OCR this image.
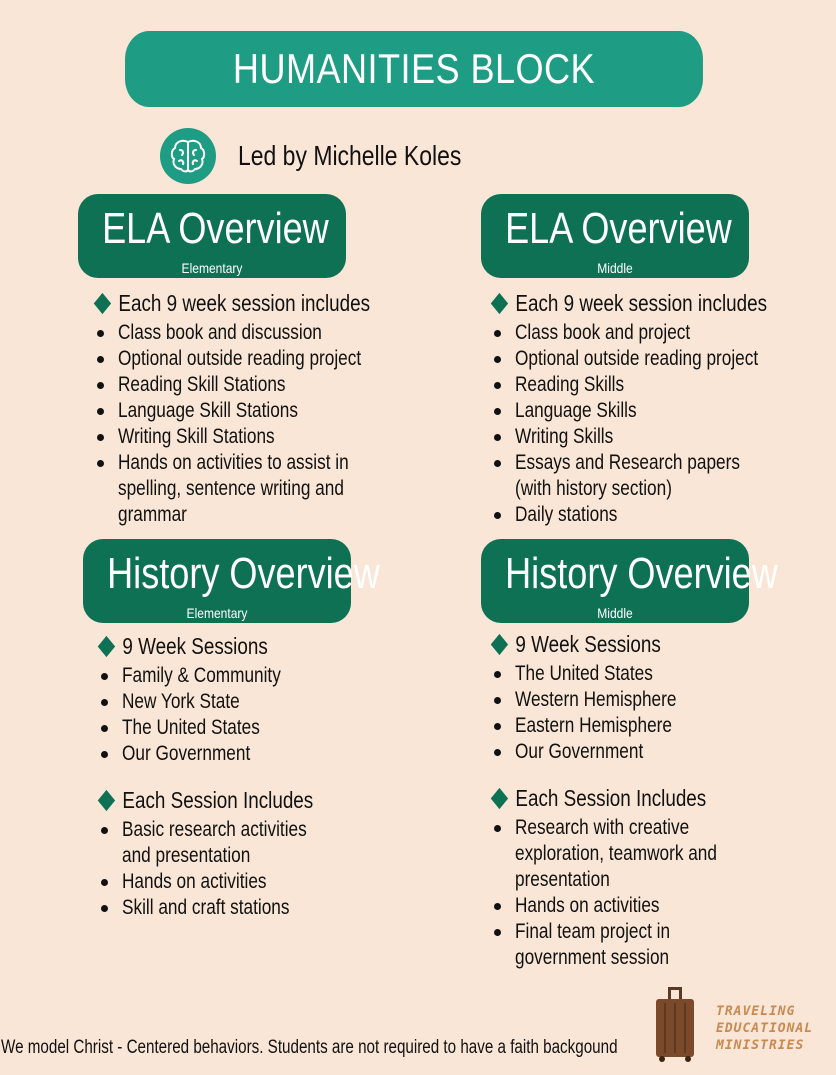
HUMANITIES BLOCK
Led by Michelle Koles
ELA Overview
Elementary
Each 9 week session includes
Class book and discussion
Optional outside reading project
Reading Skill Stations
Language Skill Stations
Writing Skill Stations
Hands on activities to assist in
spelling, sentence writing and
grammar
ELA Overview
Middle
Each 9 week session includes
Class book and project
Optional outside reading project
Reading Skills
Language Skills
Writing Skills
Essays and Research papers
(with history section)
Daily stations
History Overview
Elementary
9 Week Sessions
Family & Community
New York State
The United States
Our Government
Each Session Includes
Basic research activities
and presentation
Hands on activities
Skill and craft stations
History Overview
Middle
9 Week Sessions
The United States
Western Hemisphere
Eastern Hemisphere
Our Government
Each Session Includes
Research with creative
exploration, teamwork and
presentation
Hands on activities
Final team project in
government session
We model Christ - Centered behaviors. Students are not required to have a faith backgound
TRAVELING
EDUCATIONAL
MINISTRIES
